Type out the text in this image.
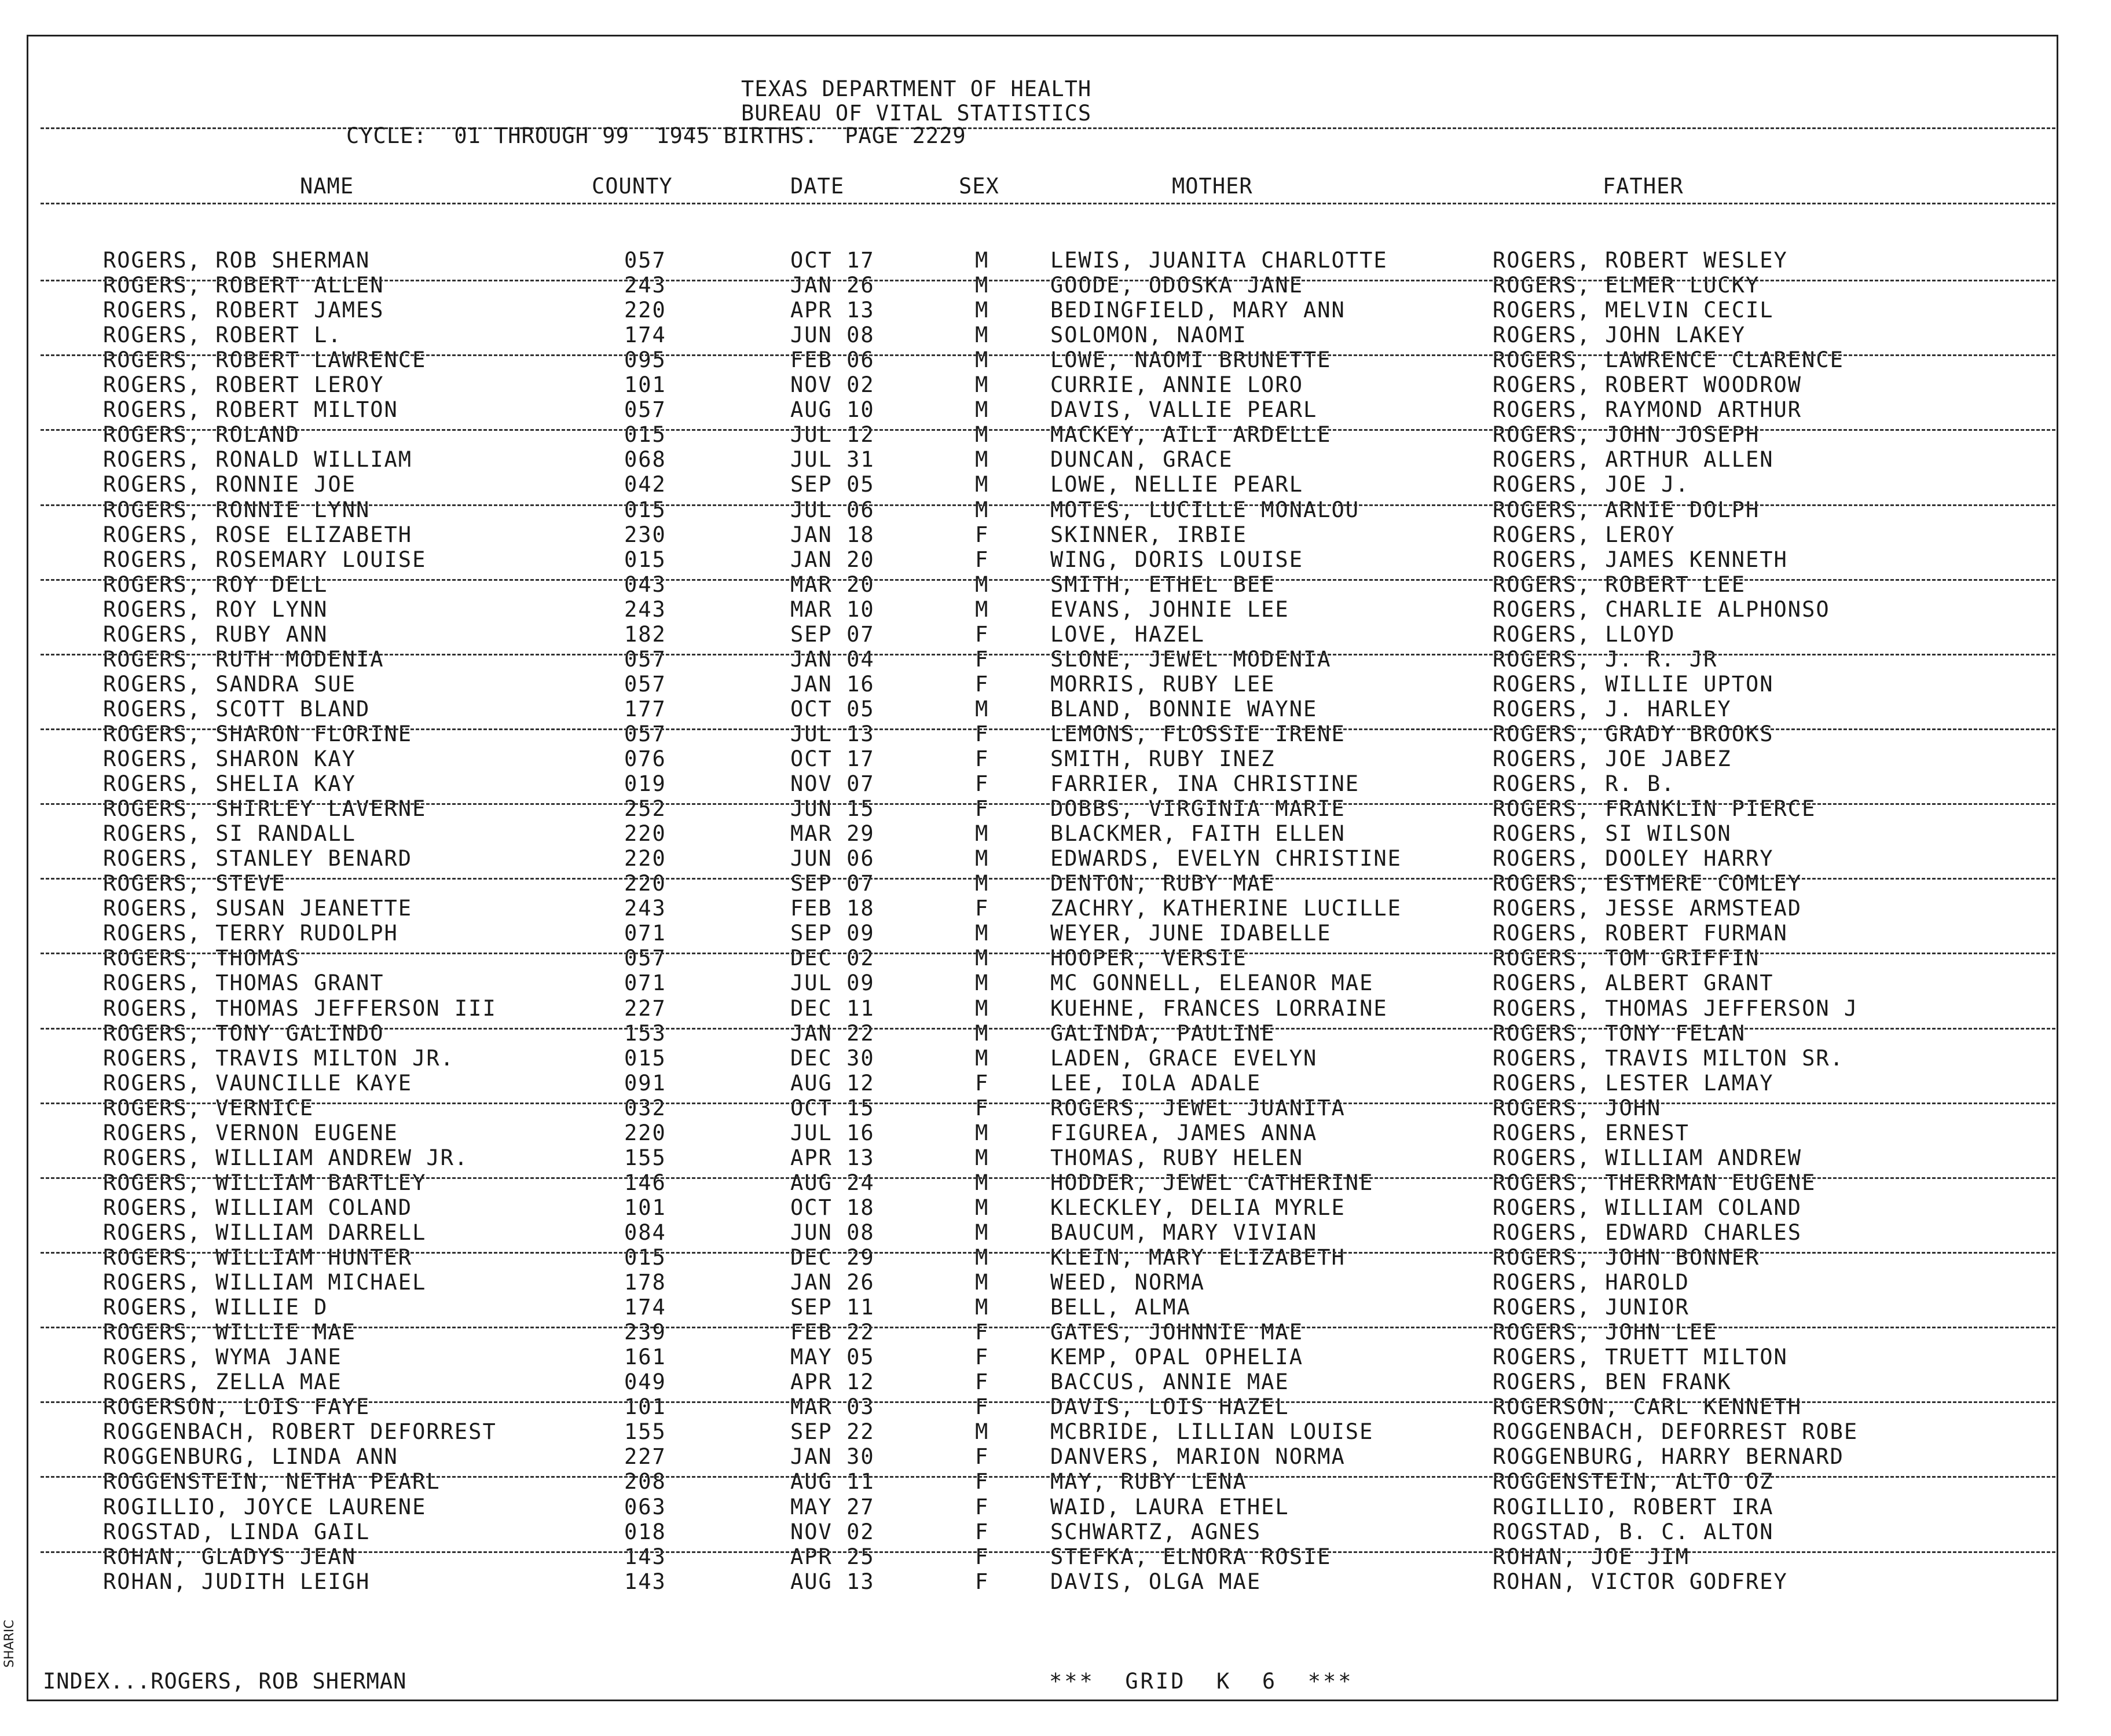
TEXAS DEPARTMENT OF HEALTH
BUREAU OF VITAL STATISTICS
CYCLE:  01 THROUGH 99  1945 BIRTHS.  PAGE 2229
NAME	COUNTY	DATE	SEX	MOTHER	FATHER
ROGERS, ROB SHERMAN	057	OCT 17	M	LEWIS, JUANITA CHARLOTTE	ROGERS, ROBERT WESLEY
ROGERS, ROBERT ALLEN	243	JAN 26	M	GOODE, ODOSKA JANE	ROGERS, ELMER LUCKY
ROGERS, ROBERT JAMES	220	APR 13	M	BEDINGFIELD, MARY ANN	ROGERS, MELVIN CECIL
ROGERS, ROBERT L.	174	JUN 08	M	SOLOMON, NAOMI	ROGERS, JOHN LAKEY
ROGERS, ROBERT LAWRENCE	095	FEB 06	M	LOWE, NAOMI BRUNETTE	ROGERS, LAWRENCE CLARENCE
ROGERS, ROBERT LEROY	101	NOV 02	M	CURRIE, ANNIE LORO	ROGERS, ROBERT WOODROW
ROGERS, ROBERT MILTON	057	AUG 10	M	DAVIS, VALLIE PEARL	ROGERS, RAYMOND ARTHUR
ROGERS, ROLAND	015	JUL 12	M	MACKEY, AILI ARDELLE	ROGERS, JOHN JOSEPH
ROGERS, RONALD WILLIAM	068	JUL 31	M	DUNCAN, GRACE	ROGERS, ARTHUR ALLEN
ROGERS, RONNIE JOE	042	SEP 05	M	LOWE, NELLIE PEARL	ROGERS, JOE J.
ROGERS, RONNIE LYNN	015	JUL 06	M	MOTES, LUCILLE MONALOU	ROGERS, ARNIE DOLPH
ROGERS, ROSE ELIZABETH	230	JAN 18	F	SKINNER, IRBIE	ROGERS, LEROY
ROGERS, ROSEMARY LOUISE	015	JAN 20	F	WING, DORIS LOUISE	ROGERS, JAMES KENNETH
ROGERS, ROY DELL	043	MAR 20	M	SMITH, ETHEL BEE	ROGERS, ROBERT LEE
ROGERS, ROY LYNN	243	MAR 10	M	EVANS, JOHNIE LEE	ROGERS, CHARLIE ALPHONSO
ROGERS, RUBY ANN	182	SEP 07	F	LOVE, HAZEL	ROGERS, LLOYD
ROGERS, RUTH MODENIA	057	JAN 04	F	SLONE, JEWEL MODENIA	ROGERS, J. R. JR
ROGERS, SANDRA SUE	057	JAN 16	F	MORRIS, RUBY LEE	ROGERS, WILLIE UPTON
ROGERS, SCOTT BLAND	177	OCT 05	M	BLAND, BONNIE WAYNE	ROGERS, J. HARLEY
ROGERS, SHARON FLORINE	057	JUL 13	F	LEMONS, FLOSSIE IRENE	ROGERS, GRADY BROOKS
ROGERS, SHARON KAY	076	OCT 17	F	SMITH, RUBY INEZ	ROGERS, JOE JABEZ
ROGERS, SHELIA KAY	019	NOV 07	F	FARRIER, INA CHRISTINE	ROGERS, R. B.
ROGERS, SHIRLEY LAVERNE	252	JUN 15	F	DOBBS, VIRGINIA MARIE	ROGERS, FRANKLIN PIERCE
ROGERS, SI RANDALL	220	MAR 29	M	BLACKMER, FAITH ELLEN	ROGERS, SI WILSON
ROGERS, STANLEY BENARD	220	JUN 06	M	EDWARDS, EVELYN CHRISTINE	ROGERS, DOOLEY HARRY
ROGERS, STEVE	220	SEP 07	M	DENTON, RUBY MAE	ROGERS, ESTMERE COMLEY
ROGERS, SUSAN JEANETTE	243	FEB 18	F	ZACHRY, KATHERINE LUCILLE	ROGERS, JESSE ARMSTEAD
ROGERS, TERRY RUDOLPH	071	SEP 09	M	WEYER, JUNE IDABELLE	ROGERS, ROBERT FURMAN
ROGERS, THOMAS	057	DEC 02	M	HOOPER, VERSIE	ROGERS, TOM GRIFFIN
ROGERS, THOMAS GRANT	071	JUL 09	M	MC GONNELL, ELEANOR MAE	ROGERS, ALBERT GRANT
ROGERS, THOMAS JEFFERSON III	227	DEC 11	M	KUEHNE, FRANCES LORRAINE	ROGERS, THOMAS JEFFERSON J
ROGERS, TONY GALINDO	153	JAN 22	M	GALINDA, PAULINE	ROGERS, TONY FELAN
ROGERS, TRAVIS MILTON JR.	015	DEC 30	M	LADEN, GRACE EVELYN	ROGERS, TRAVIS MILTON SR.
ROGERS, VAUNCILLE KAYE	091	AUG 12	F	LEE, IOLA ADALE	ROGERS, LESTER LAMAY
ROGERS, VERNICE	032	OCT 15	F	ROGERS, JEWEL JUANITA	ROGERS, JOHN
ROGERS, VERNON EUGENE	220	JUL 16	M	FIGUREA, JAMES ANNA	ROGERS, ERNEST
ROGERS, WILLIAM ANDREW JR.	155	APR 13	M	THOMAS, RUBY HELEN	ROGERS, WILLIAM ANDREW
ROGERS, WILLIAM BARTLEY	146	AUG 24	M	HODDER, JEWEL CATHERINE	ROGERS, THERRMAN EUGENE
ROGERS, WILLIAM COLAND	101	OCT 18	M	KLECKLEY, DELIA MYRLE	ROGERS, WILLIAM COLAND
ROGERS, WILLIAM DARRELL	084	JUN 08	M	BAUCUM, MARY VIVIAN	ROGERS, EDWARD CHARLES
ROGERS, WILLIAM HUNTER	015	DEC 29	M	KLEIN, MARY ELIZABETH	ROGERS, JOHN BONNER
ROGERS, WILLIAM MICHAEL	178	JAN 26	M	WEED, NORMA	ROGERS, HAROLD
ROGERS, WILLIE D	174	SEP 11	M	BELL, ALMA	ROGERS, JUNIOR
ROGERS, WILLIE MAE	239	FEB 22	F	GATES, JOHNNIE MAE	ROGERS, JOHN LEE
ROGERS, WYMA JANE	161	MAY 05	F	KEMP, OPAL OPHELIA	ROGERS, TRUETT MILTON
ROGERS, ZELLA MAE	049	APR 12	F	BACCUS, ANNIE MAE	ROGERS, BEN FRANK
ROGERSON, LOIS FAYE	101	MAR 03	F	DAVIS, LOIS HAZEL	ROGERSON, CARL KENNETH
ROGGENBACH, ROBERT DEFORREST	155	SEP 22	M	MCBRIDE, LILLIAN LOUISE	ROGGENBACH, DEFORREST ROBE
ROGGENBURG, LINDA ANN	227	JAN 30	F	DANVERS, MARION NORMA	ROGGENBURG, HARRY BERNARD
ROGGENSTEIN, NETHA PEARL	208	AUG 11	F	MAY, RUBY LENA	ROGGENSTEIN, ALTO OZ
ROGILLIO, JOYCE LAURENE	063	MAY 27	F	WAID, LAURA ETHEL	ROGILLIO, ROBERT IRA
ROGSTAD, LINDA GAIL	018	NOV 02	F	SCHWARTZ, AGNES	ROGSTAD, B. C. ALTON
ROHAN, GLADYS JEAN	143	APR 25	F	STEFKA, ELNORA ROSIE	ROHAN, JOE JIM
ROHAN, JUDITH LEIGH	143	AUG 13	F	DAVIS, OLGA MAE	ROHAN, VICTOR GODFREY
INDEX...ROGERS, ROB SHERMAN	***  GRID  K  6  ***
SHARIC
